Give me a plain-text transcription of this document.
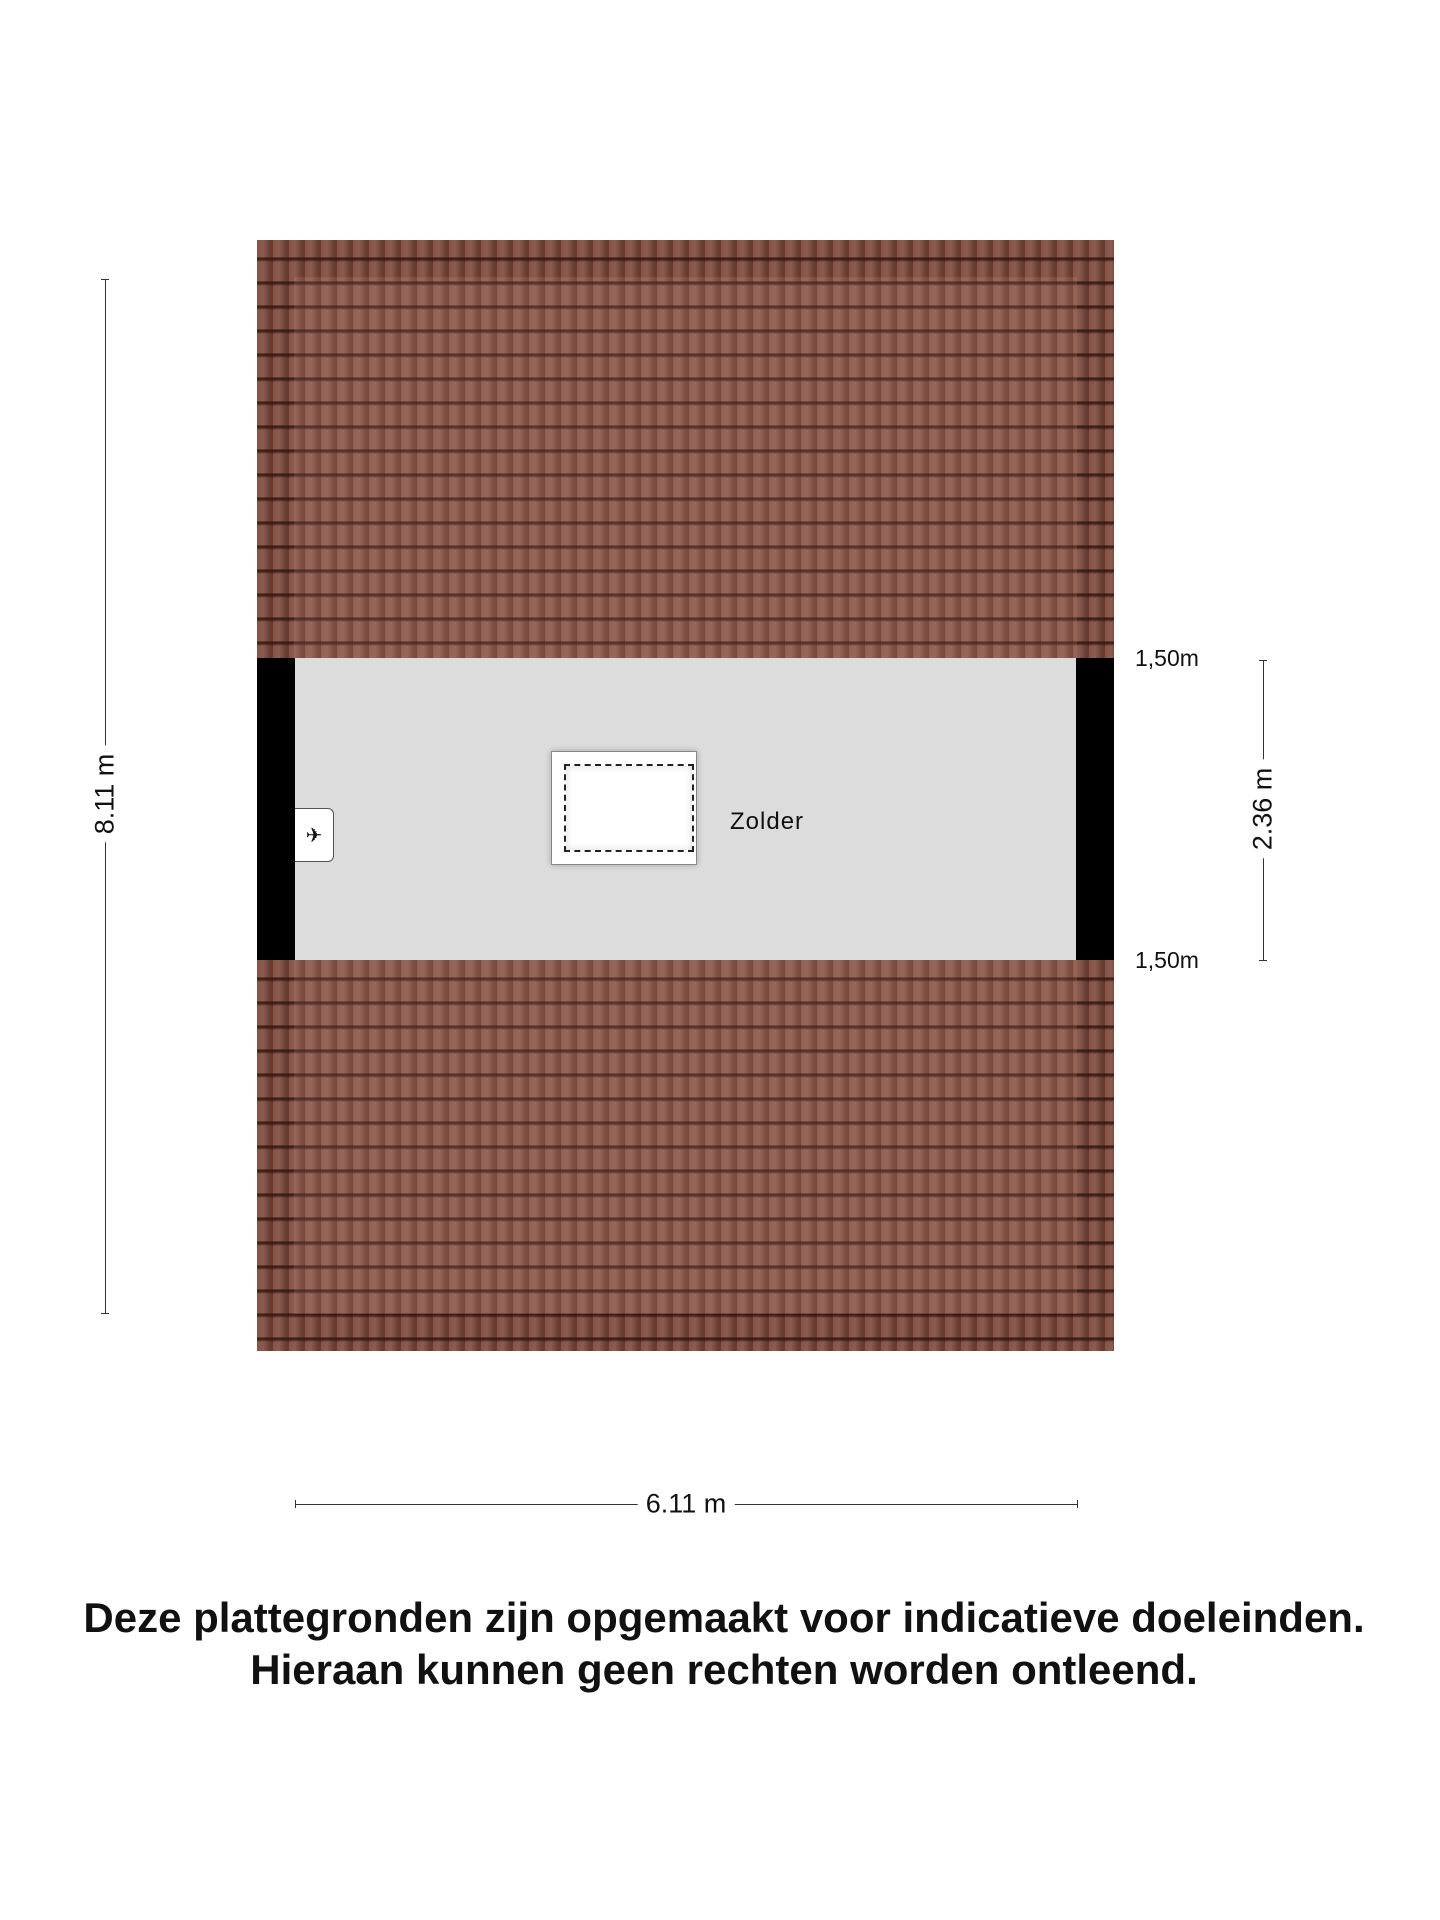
✈
Zolder
1,50m
1,50m
8.11 m	2.36 m
6.11 m
Deze plattegronden zijn opgemaakt voor indicatieve doeleinden.
Hieraan kunnen geen rechten worden ontleend.
